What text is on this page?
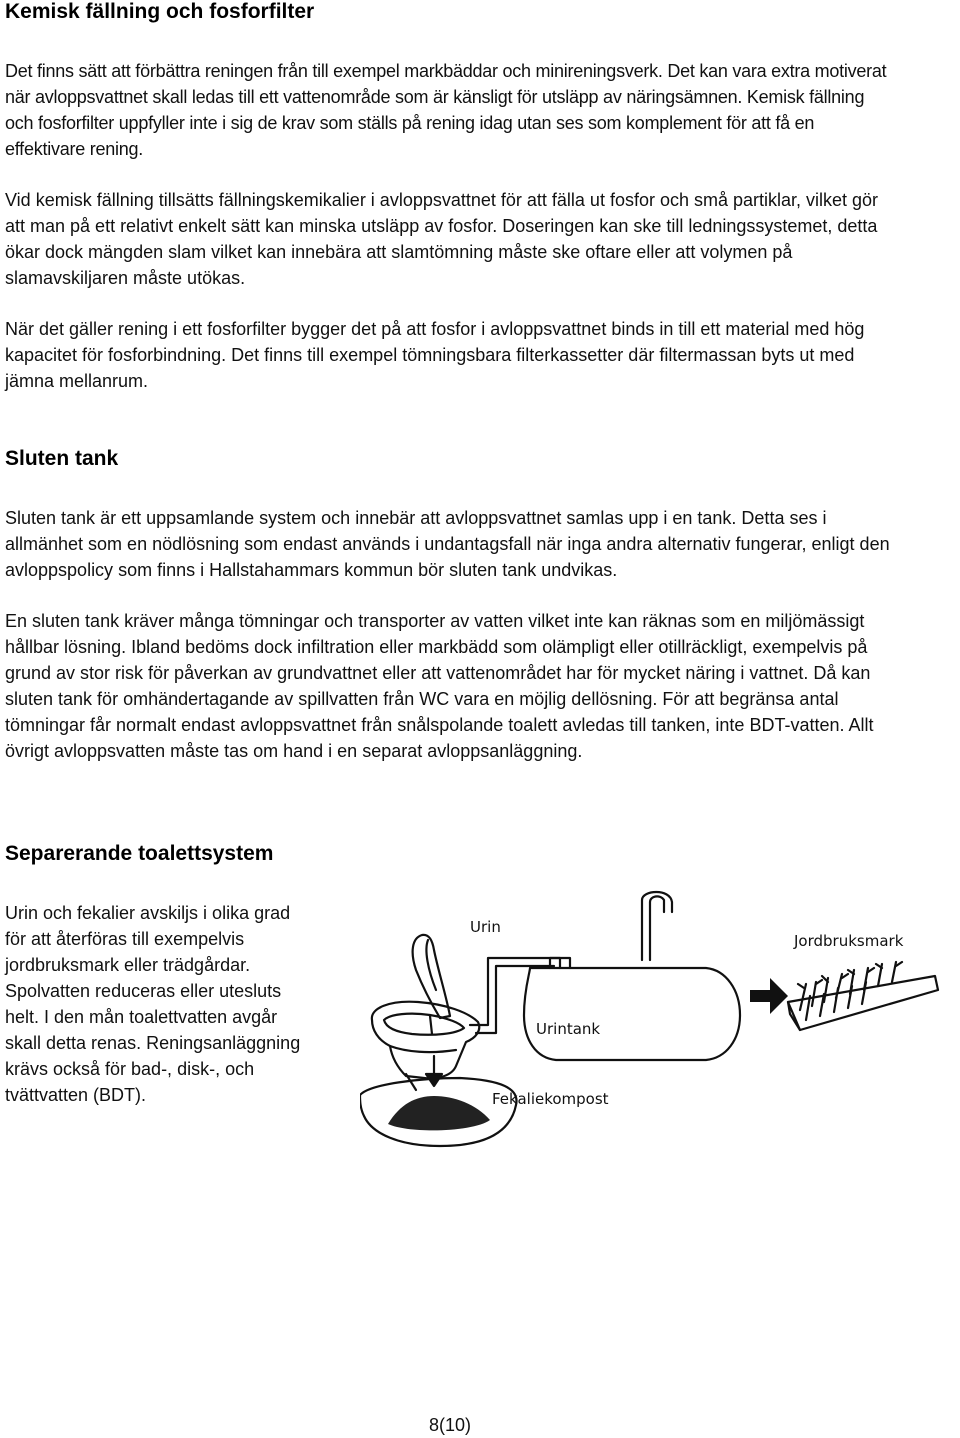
Kemisk fällning och fosforfilter

Det finns sätt att förbättra reningen från till exempel markbäddar och minireningsverk. Det kan vara extra motiverat när avloppsvattnet skall ledas till ett vattenområde som är känsligt för utsläpp av näringsämnen. Kemisk fällning och fosforfilter uppfyller inte i sig de krav som ställs på rening idag utan ses som komplement för att få en effektivare rening.

Vid kemisk fällning tillsätts fällningskemikalier i avloppsvattnet för att fälla ut fosfor och små partiklar, vilket gör att man på ett relativt enkelt sätt kan minska utsläpp av fosfor. Doseringen kan ske till ledningssystemet, detta ökar dock mängden slam vilket kan innebära att slamtömning måste ske oftare eller att volymen på slamavskiljaren måste utökas.

När det gäller rening i ett fosforfilter bygger det på att fosfor i avloppsvattnet binds in till ett material med hög kapacitet för fosforbindning. Det finns till exempel tömningsbara filterkassetter där filtermassan byts ut med jämna mellanrum.

Sluten tank

Sluten tank är ett uppsamlande system och innebär att avloppsvattnet samlas upp i en tank. Detta ses i allmänhet som en nödlösning som endast används i undantagsfall när inga andra alternativ fungerar, enligt den avloppspolicy som finns i Hallstahammars kommun bör sluten tank undvikas.

En sluten tank kräver många tömningar och transporter av vatten vilket inte kan räknas som en miljömässigt hållbar lösning. Ibland bedöms dock infiltration eller markbädd som olämpligt eller otillräckligt, exempelvis på grund av stor risk för påverkan av grundvattnet eller att vattenområdet har för mycket näring i vattnet. Då kan sluten tank för omhändertagande av spillvatten från WC vara en möjlig dellösning. För att begränsa antal tömningar får normalt endast avloppsvattnet från snålspolande toalett avledas till tanken, inte BDT-vatten. Allt övrigt avloppsvatten måste tas om hand i en separat avloppsanläggning.

Separerande toalettsystem

Urin och fekalier avskiljs i olika grad för att återföras till exempelvis jordbruksmark eller trädgårdar. Spolvatten reduceras eller utesluts helt. I den mån toalettvatten avgår skall detta renas. Reningsanläggning krävs också för bad-, disk-, och tvättvatten (BDT).

Urin
Urintank
Fekaliekompost
Jordbruksmark
8(10)
